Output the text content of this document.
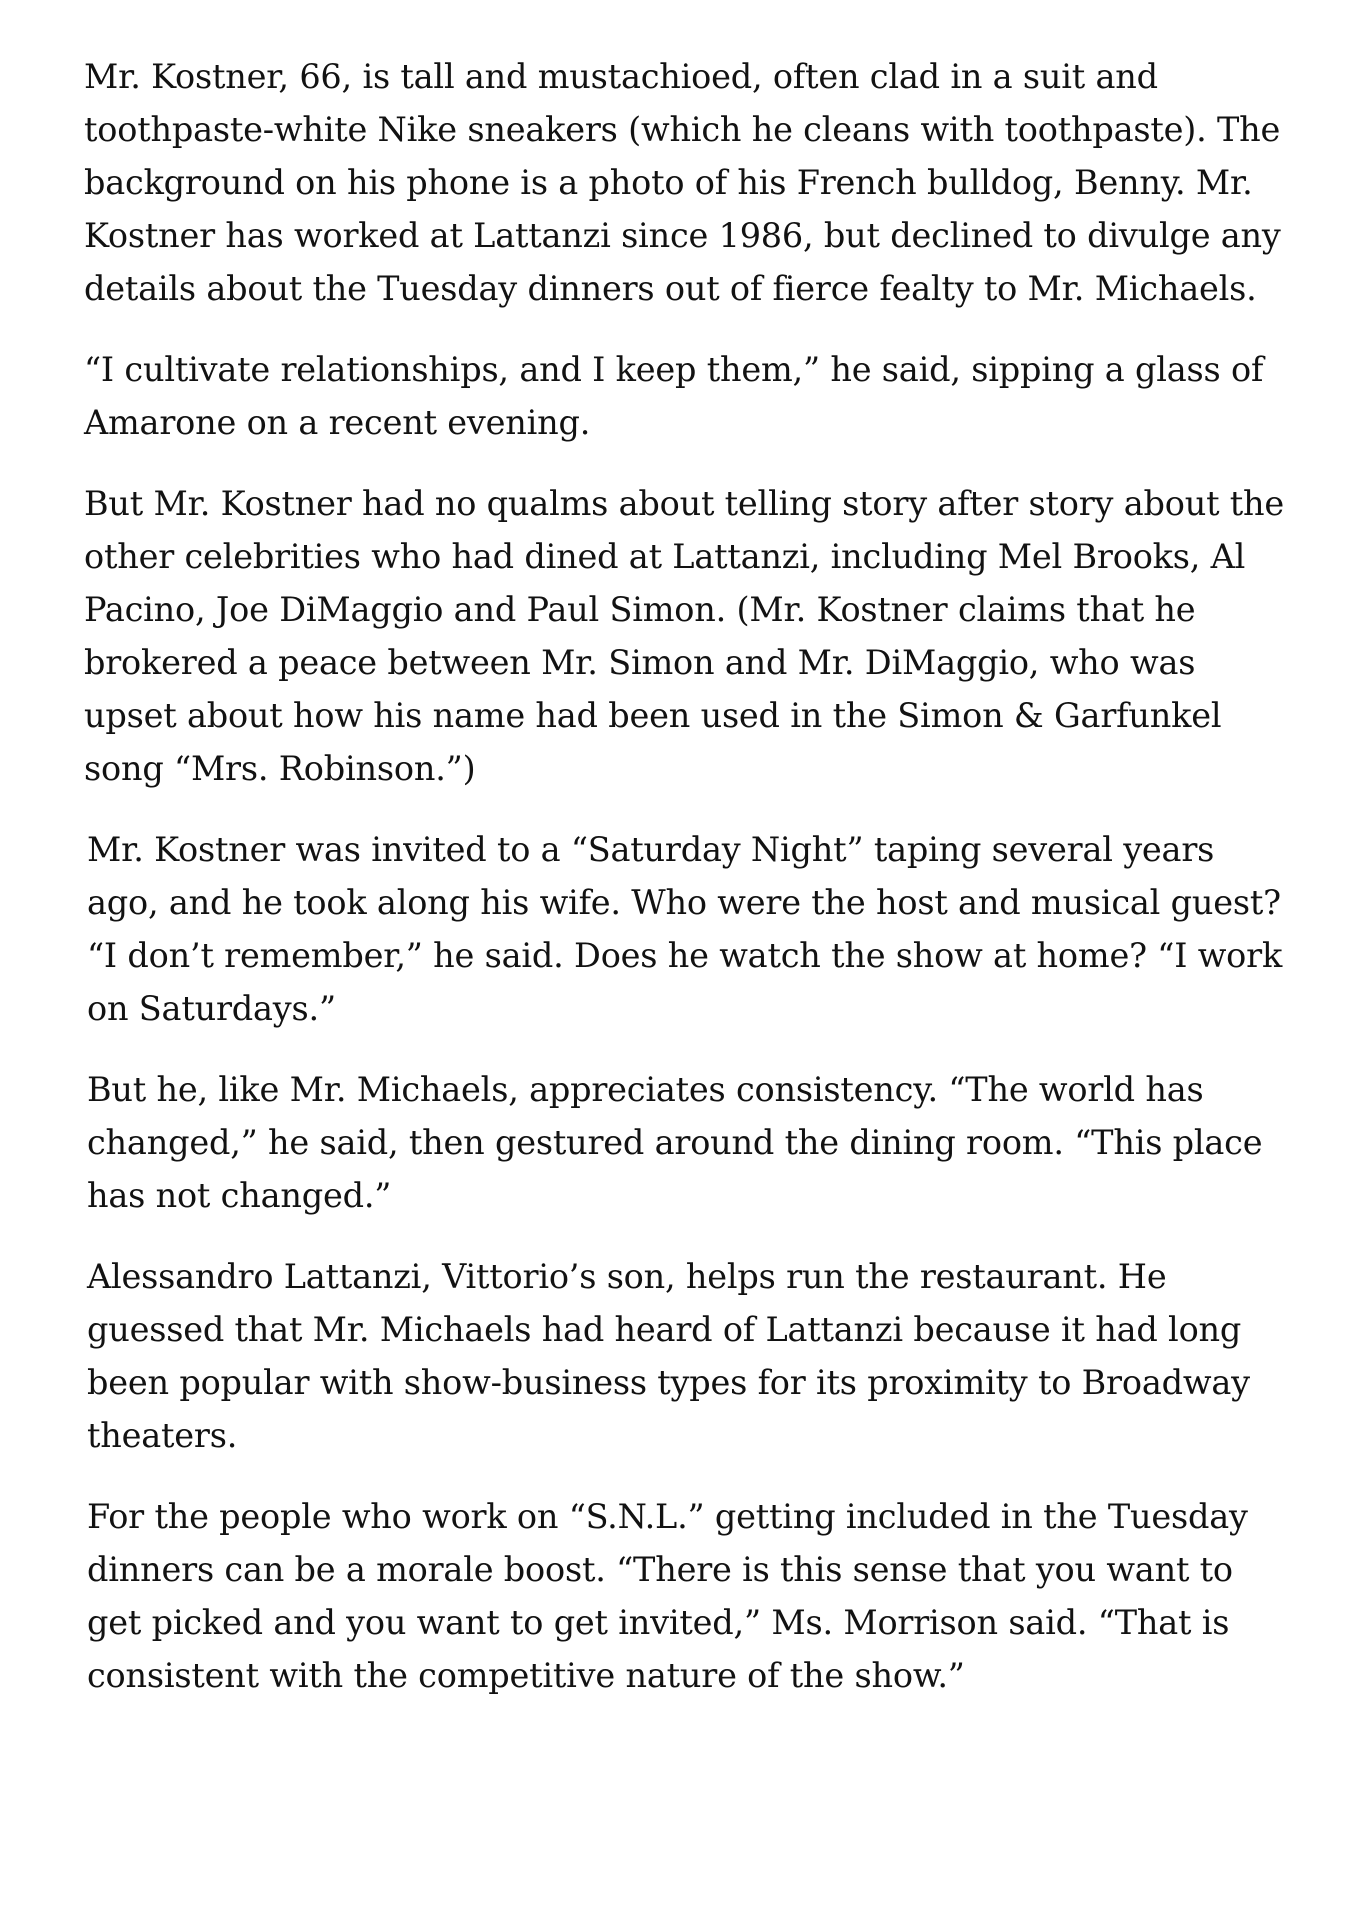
Mr. Kostner, 66, is tall and mustachioed, often clad in a suit and toothpaste-white Nike sneakers (which he cleans with toothpaste). The background on his phone is a photo of his French bulldog, Benny. Mr. Kostner has worked at Lattanzi since 1986, but declined to divulge any details about the Tuesday dinners out of fierce fealty to Mr. Michaels.

“I cultivate relationships, and I keep them,” he said, sipping a glass of Amarone on a recent evening.

But Mr. Kostner had no qualms about telling story after story about the other celebrities who had dined at Lattanzi, including Mel Brooks, Al Pacino, Joe DiMaggio and Paul Simon. (Mr. Kostner claims that he brokered a peace between Mr. Simon and Mr. DiMaggio, who was upset about how his name had been used in the Simon & Garfunkel song “Mrs. Robinson.”)

Mr. Kostner was invited to a “Saturday Night” taping several years ago, and he took along his wife. Who were the host and musical guest? “I don’t remember,” he said. Does he watch the show at home? “I work on Saturdays.”

But he, like Mr. Michaels, appreciates consistency. “The world has changed,” he said, then gestured around the dining room. “This place has not changed.”

Alessandro Lattanzi, Vittorio’s son, helps run the restaurant. He guessed that Mr. Michaels had heard of Lattanzi because it had long been popular with show-business types for its proximity to Broadway theaters.

For the people who work on “S.N.L.” getting included in the Tuesday dinners can be a morale boost. “There is this sense that you want to get picked and you want to get invited,” Ms. Morrison said. “That is consistent with the competitive nature of the show.”
